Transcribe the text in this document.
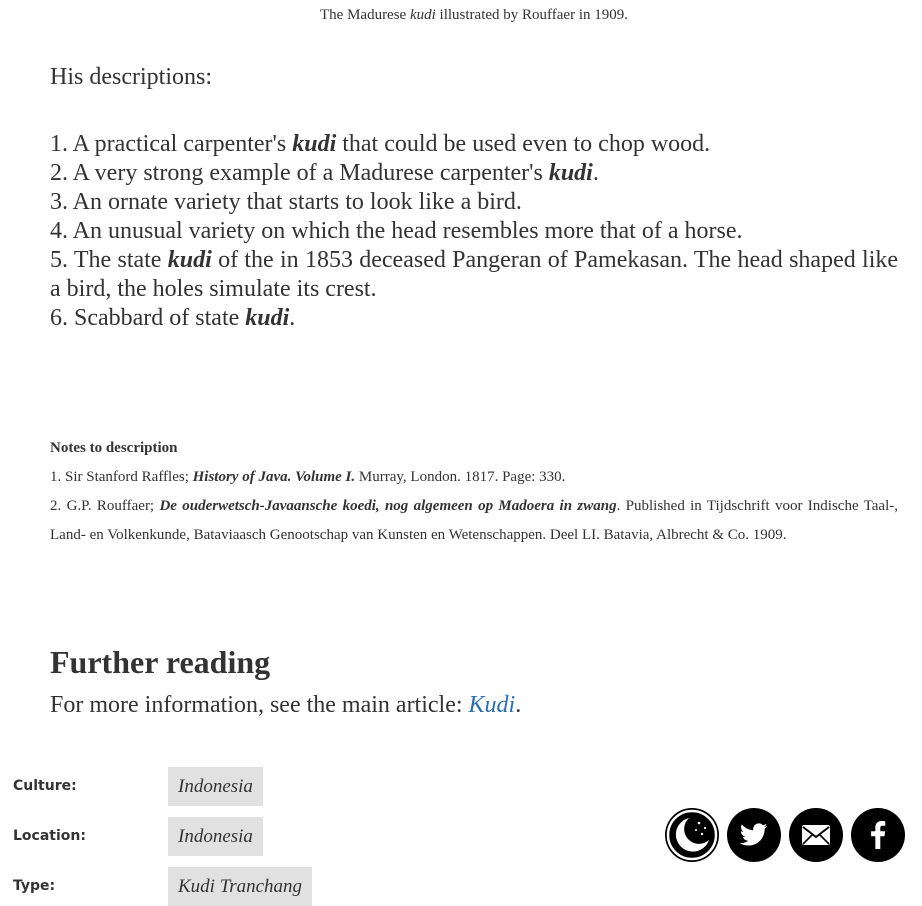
The Madurese kudi illustrated by Rouffaer in 1909.
His descriptions:
1. A practical carpenter's kudi that could be used even to chop wood.
2. A very strong example of a Madurese carpenter's kudi.
3. An ornate variety that starts to look like a bird.
4. An unusual variety on which the head resembles more that of a horse.
5. The state kudi of the in 1853 deceased Pangeran of Pamekasan. The head shaped like a bird, the holes simulate its crest.
6. Scabbard of state kudi.
Notes to description
1. Sir Stanford Raffles; History of Java. Volume I. Murray, London. 1817. Page: 330.
2. G.P. Rouffaer; De ouderwetsch-Javaansche koedi, nog algemeen op Madoera in zwang. Published in Tijdschrift voor Indische Taal-, Land- en Volkenkunde, Bataviaasch Genootschap van Kunsten en Wetenschappen. Deel LI. Batavia, Albrecht & Co. 1909.
Further reading
For more information, see the main article: Kudi.
Culture:	Indonesia
Location:	Indonesia
Type:	Kudi Tranchang
